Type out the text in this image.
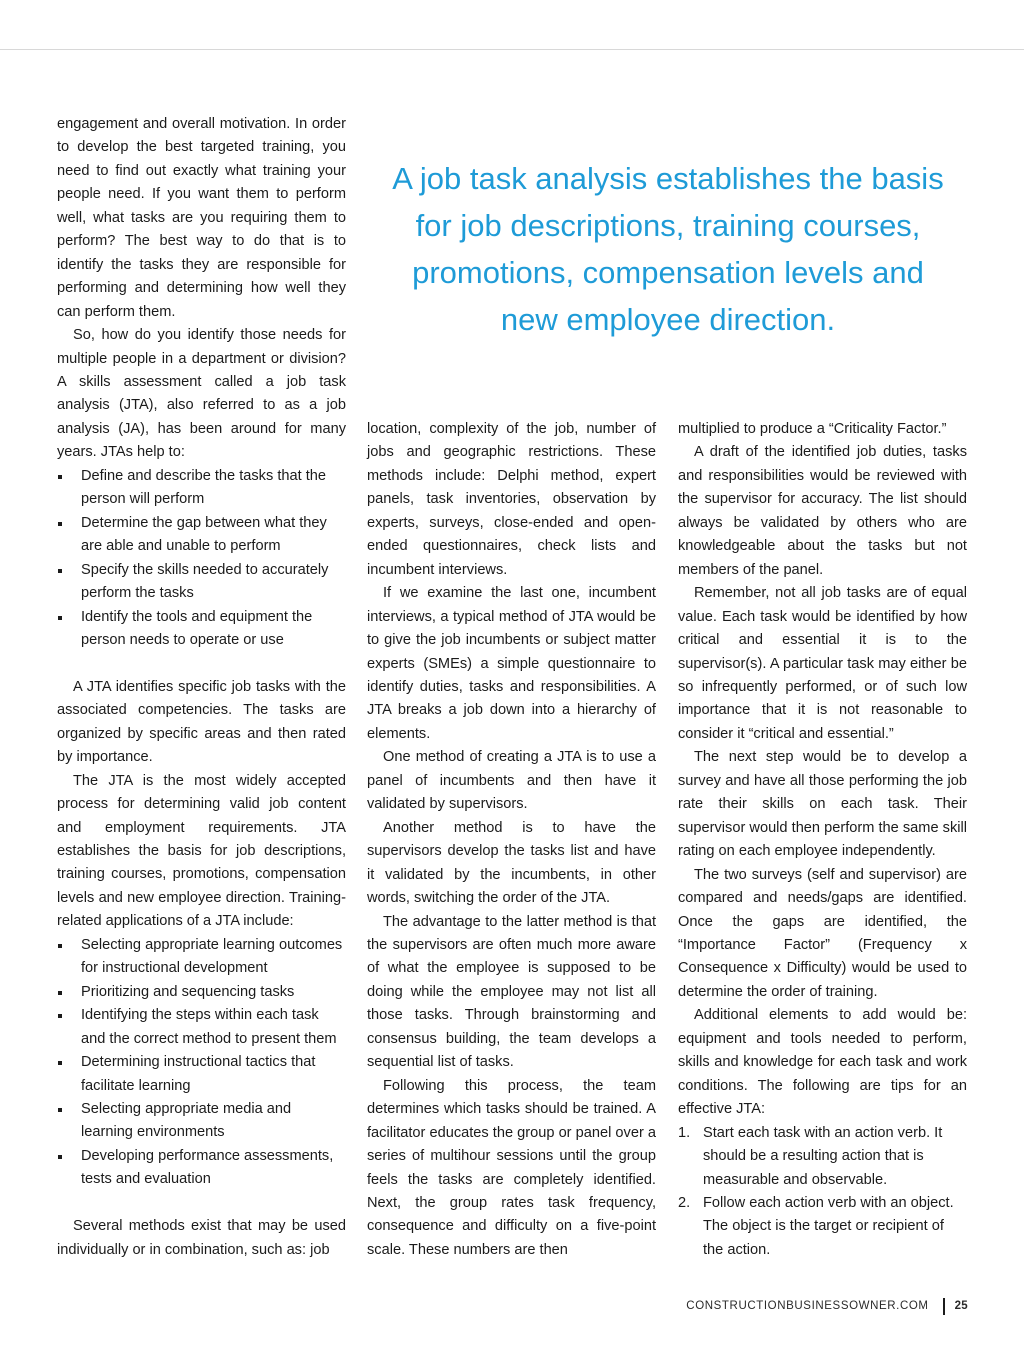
engagement and overall motivation. In order to develop the best targeted training, you need to find out exactly what training your people need. If you want them to perform well, what tasks are you requiring them to perform? The best way to do that is to identify the tasks they are responsible for performing and determining how well they can perform them.

So, how do you identify those needs for multiple people in a department or division? A skills assessment called a job task analysis (JTA), also referred to as a job analysis (JA), has been around for many years. JTAs help to:

Define and describe the tasks that the person will perform
Determine the gap between what they are able and unable to perform
Specify the skills needed to accurately perform the tasks
Identify the tools and equipment the person needs to operate or use

A JTA identifies specific job tasks with the associated competencies. The tasks are organized by specific areas and then rated by importance.

The JTA is the most widely accepted process for determining valid job content and employment requirements. JTA establishes the basis for job descriptions, training courses, promotions, compensation levels and new employee direction. Training-related applications of a JTA include:

Selecting appropriate learning outcomes for instructional development
Prioritizing and sequencing tasks
Identifying the steps within each task and the correct method to present them
Determining instructional tactics that facilitate learning
Selecting appropriate media and learning environments
Developing performance assessments, tests and evaluation

Several methods exist that may be used individually or in combination, such as: job

A job task analysis establishes the basis for job descriptions, training courses, promotions, compensation levels and new employee direction.

location, complexity of the job, number of jobs and geographic restrictions. These methods include: Delphi method, expert panels, task inventories, observation by experts, surveys, close-ended and open-ended questionnaires, check lists and incumbent interviews.

If we examine the last one, incumbent interviews, a typical method of JTA would be to give the job incumbents or subject matter experts (SMEs) a simple questionnaire to identify duties, tasks and responsibilities. A JTA breaks a job down into a hierarchy of elements.

One method of creating a JTA is to use a panel of incumbents and then have it validated by supervisors.

Another method is to have the supervisors develop the tasks list and have it validated by the incumbents, in other words, switching the order of the JTA.

The advantage to the latter method is that the supervisors are often much more aware of what the employee is supposed to be doing while the employee may not list all those tasks. Through brainstorming and consensus building, the team develops a sequential list of tasks.

Following this process, the team determines which tasks should be trained. A facilitator educates the group or panel over a series of multihour sessions until the group feels the tasks are completely identified. Next, the group rates task frequency, consequence and difficulty on a five-point scale. These numbers are then

multiplied to produce a “Criticality Factor.”

A draft of the identified job duties, tasks and responsibilities would be reviewed with the supervisor for accuracy. The list should always be validated by others who are knowledgeable about the tasks but not members of the panel.

Remember, not all job tasks are of equal value. Each task would be identified by how critical and essential it is to the supervisor(s). A particular task may either be so infrequently performed, or of such low importance that it is not reasonable to consider it “critical and essential.”

The next step would be to develop a survey and have all those performing the job rate their skills on each task. Their supervisor would then perform the same skill rating on each employee independently.

The two surveys (self and supervisor) are compared and needs/gaps are identified. Once the gaps are identified, the “Importance Factor” (Frequency x Consequence x Difficulty) would be used to determine the order of training.

Additional elements to add would be: equipment and tools needed to perform, skills and knowledge for each task and work conditions. The following are tips for an effective JTA:

1. Start each task with an action verb. It should be a resulting action that is measurable and observable.
2. Follow each action verb with an object. The object is the target or recipient of the action.
CONSTRUCTIONBUSINESSOWNER.COM 25
